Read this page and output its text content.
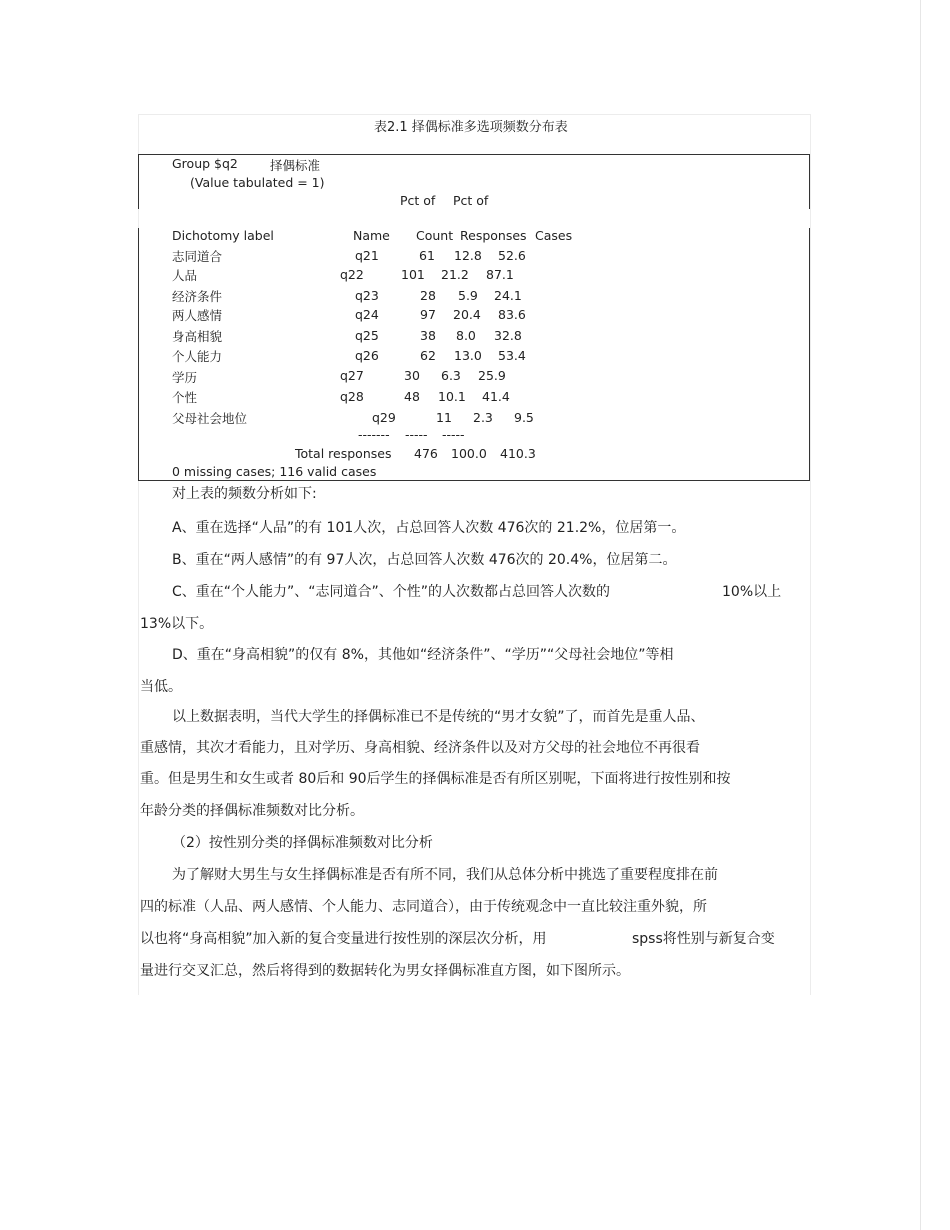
表2.1 择偶标准多选项频数分布表
Group $q2	择偶标准
(Value tabulated = 1)
Pct of Pct of
Dichotomy label	Name Count Responses Cases
志同道合	q21	61 12.8 52.6
人品	q22	101 21.2 87.1
经济条件	q23	28 5.9 24.1
两人感情	q24	97 20.4 83.6
身高相貌	q25	38 8.0 32.8
个人能力	q26	62 13.0 53.4
学历	q27	30 6.3 25.9
个性	q28	48 10.1 41.4
父母社会地位	q29	11 2.3 9.5
------- ----- -----
Total responses 476 100.0 410.3
0 missing cases; 116 valid cases
对上表的频数分析如下:
A、重在选择“人品”的有 101人次，占总回答人次数 476次的 21.2%，位居第一。
B、重在“两人感情”的有 97人次，占总回答人次数 476次的 20.4%，位居第二。
C、重在“个人能力”、“志同道合”、个性”的人次数都占总回答人次数的	10%以上
13%以下。
D、重在“身高相貌”的仅有 8%，其他如“经济条件”、“学历”“父母社会地位”等相
当低。
以上数据表明，当代大学生的择偶标准已不是传统的“男才女貌”了，而首先是重人品、
重感情，其次才看能力，且对学历、身高相貌、经济条件以及对方父母的社会地位不再很看
重。但是男生和女生或者 80后和 90后学生的择偶标准是否有所区别呢，下面将进行按性别和按
年龄分类的择偶标准频数对比分析。
（2）按性别分类的择偶标准频数对比分析
为了解财大男生与女生择偶标准是否有所不同，我们从总体分析中挑选了重要程度排在前
四的标准（人品、两人感情、个人能力、志同道合），由于传统观念中一直比较注重外貌，所
以也将“身高相貌”加入新的复合变量进行按性别的深层次分析，用	spss将性别与新复合变
量进行交叉汇总，然后将得到的数据转化为男女择偶标准直方图，如下图所示。
